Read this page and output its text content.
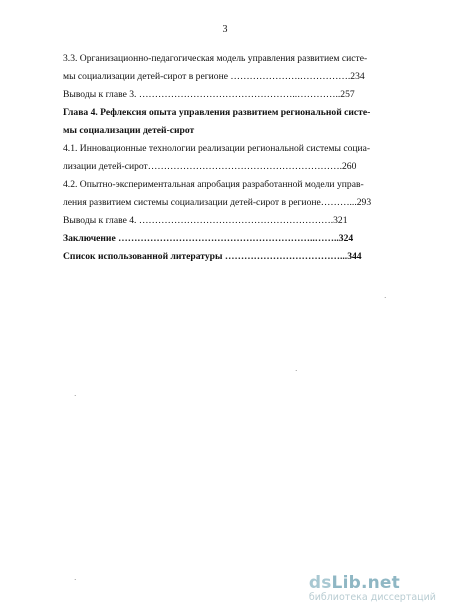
3
3.3. Организационно-педагогическая модель управления развитием систе-
мы социализации детей-сирот в регионе ………………….…………….234
Выводы к главе 3. …………………………………………..…………..257
Глава 4. Рефлексия опыта управления развитием региональной систе-
мы социализации детей-сирот
4.1. Инновационные технологии реализации региональной системы социа-
лизации детей-сирот…………………………………………………….260
4.2. Опытно-экспериментальная апробация разработанной модели управ-
ления развитием системы социализации детей-сирот в регионе………...293
Выводы к главе 4. …………………………………………………….321
Заключение ……………………………………………………..……..324
Список использованной литературы ………………………………...344
·
·
·
·	dsLib.net
библиотека диссертаций
